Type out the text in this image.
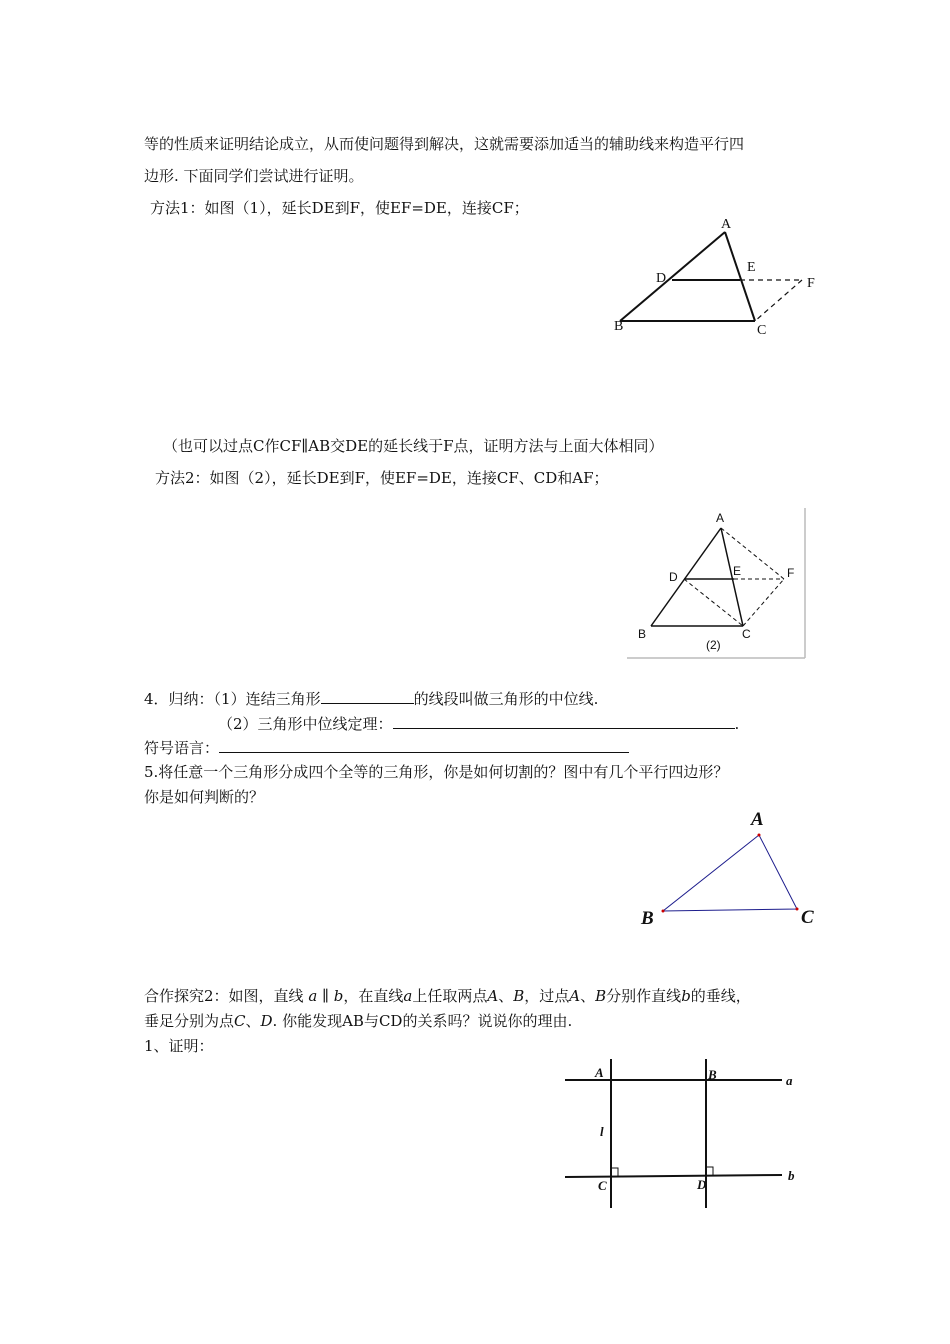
等的性质来证明结论成立，从而使问题得到解决，这就需要添加适当的辅助线来构造平行四
边形. 下面同学们尝试进行证明。
方法1：如图（1），延长DE到F，使EF=DE，连接CF；
A
B	C
D
E
F
（也可以过点C作CF∥AB交DE的延长线于F点，证明方法与上面大体相同）
方法2：如图（2），延长DE到F，使EF=DE，连接CF、CD和AF；
A
B	C
D	E	F
(2)
4．归纳：（1）连结三角形	的线段叫做三角形的中位线.
（2）三角形中位线定理：	.
符号语言：
5.将任意一个三角形分成四个全等的三角形，你是如何切割的？图中有几个平行四边形？
你是如何判断的？
A
B	C
合作探究2：如图，直线 a ∥ b，在直线a上任取两点A、B，过点A、B分别作直线b的垂线，
垂足分别为点C、D. 你能发现AB与CD的关系吗？说说你的理由.
1、证明：
A	B
C	D
a
b
l
